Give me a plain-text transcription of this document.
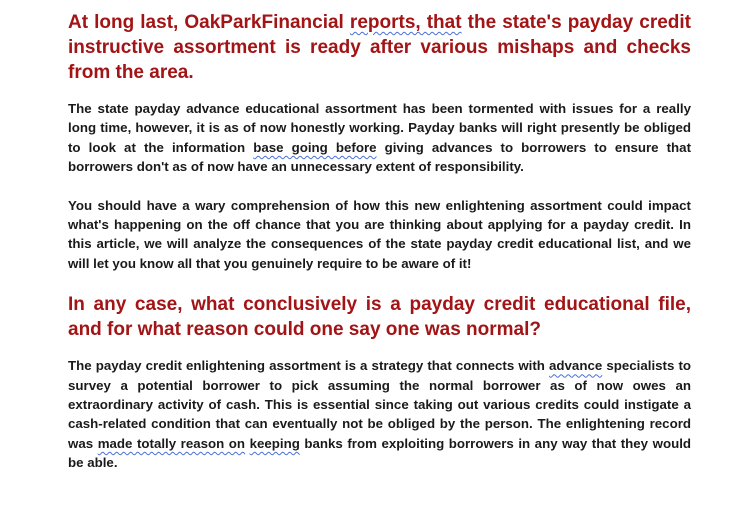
At long last, OakParkFinancial reports, that the state's payday credit instructive assortment is ready after various mishaps and checks from the area.

The state payday advance educational assortment has been tormented with issues for a really long time, however, it is as of now honestly working. Payday banks will right presently be obliged to look at the information base going before giving advances to borrowers to ensure that borrowers don't as of now have an unnecessary extent of responsibility.

You should have a wary comprehension of how this new enlightening assortment could impact what's happening on the off chance that you are thinking about applying for a payday credit. In this article, we will analyze the consequences of the state payday credit educational list, and we will let you know all that you genuinely require to be aware of it!

In any case, what conclusively is a payday credit educational file, and for what reason could one say one was normal?

The payday credit enlightening assortment is a strategy that connects with advance specialists to survey a potential borrower to pick assuming the normal borrower as of now owes an extraordinary activity of cash. This is essential since taking out various credits could instigate a cash-related condition that can eventually not be obliged by the person. The enlightening record was made totally reason on keeping banks from exploiting borrowers in any way that they would be able.
